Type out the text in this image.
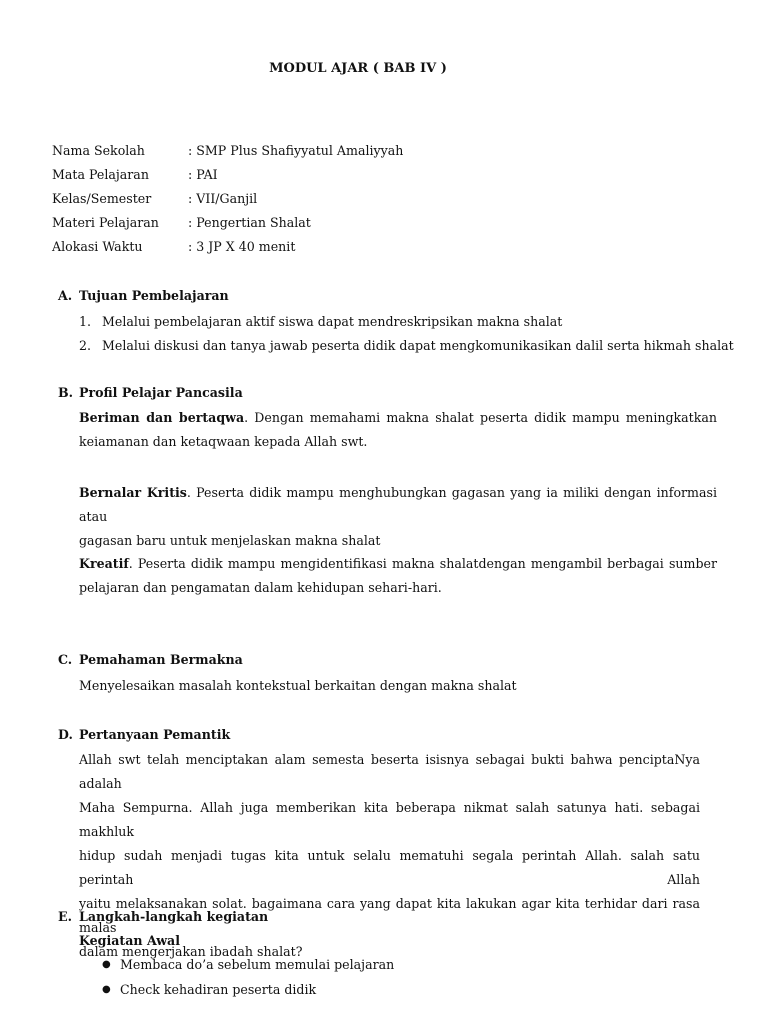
MODUL AJAR ( BAB IV )
Nama Sekolah	: SMP Plus Shafiyyatul Amaliyyah
Mata Pelajaran	: PAI
Kelas/Semester	: VII/Ganjil
Materi Pelajaran : Pengertian Shalat
Alokasi Waktu	: 3 JP X 40 menit
A. Tujuan Pembelajaran
1. Melalui pembelajaran aktif siswa dapat mendreskripsikan makna shalat
2. Melalui diskusi dan tanya jawab peserta didik dapat mengkomunikasikan dalil serta hikmah shalat
B. Profil Pelajar Pancasila
Beriman dan bertaqwa. Dengan memahami makna shalat peserta didik mampu meningkatkan
keiamanan dan ketaqwaan kepada Allah swt.
Bernalar Kritis. Peserta didik mampu menghubungkan gagasan yang ia miliki dengan informasi atau
gagasan baru untuk menjelaskan makna shalat
Kreatif. Peserta didik mampu mengidentifikasi makna shalatdengan mengambil berbagai sumber
pelajaran dan pengamatan dalam kehidupan sehari-hari.
C. Pemahaman Bermakna
Menyelesaikan masalah kontekstual berkaitan dengan makna shalat
D. Pertanyaan Pemantik
Allah swt telah menciptakan alam semesta beserta isisnya sebagai bukti bahwa penciptaNya adalah
Maha Sempurna. Allah juga memberikan kita beberapa nikmat salah satunya hati. sebagai makhluk
hidup sudah menjadi tugas kita untuk selalu mematuhi segala perintah Allah. salah satu perintah Allah
yaitu melaksanakan solat. bagaimana cara yang dapat kita lakukan agar kita terhidar dari rasa malas
dalam mengerjakan ibadah shalat?
E. Langkah-langkah kegiatan
Kegiatan Awal
● Membaca do’a sebelum memulai pelajaran
● Check kehadiran peserta didik
